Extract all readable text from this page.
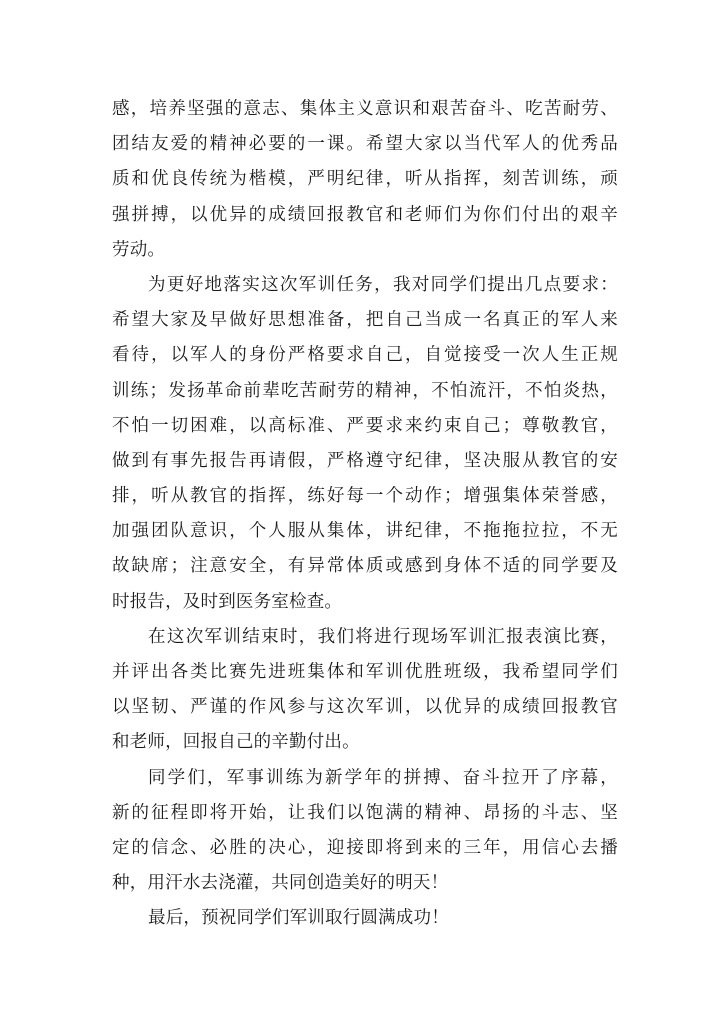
感，培养坚强的意志、集体主义意识和艰苦奋斗、吃苦耐劳、
团结友爱的精神必要的一课。希望大家以当代军人的优秀品
质和优良传统为楷模，严明纪律，听从指挥，刻苦训练，顽
强拼搏，以优异的成绩回报教官和老师们为你们付出的艰辛
劳动。
为更好地落实这次军训任务，我对同学们提出几点要求：
希望大家及早做好思想准备，把自己当成一名真正的军人来
看待，以军人的身份严格要求自己，自觉接受一次人生正规
训练；发扬革命前辈吃苦耐劳的精神，不怕流汗，不怕炎热，
不怕一切困难，以高标准、严要求来约束自己；尊敬教官，
做到有事先报告再请假，严格遵守纪律，坚决服从教官的安
排，听从教官的指挥，练好每一个动作；增强集体荣誉感，
加强团队意识，个人服从集体，讲纪律，不拖拖拉拉，不无
故缺席；注意安全，有异常体质或感到身体不适的同学要及
时报告，及时到医务室检查。
在这次军训结束时，我们将进行现场军训汇报表演比赛，
并评出各类比赛先进班集体和军训优胜班级，我希望同学们
以坚韧、严谨的作风参与这次军训，以优异的成绩回报教官
和老师，回报自己的辛勤付出。
同学们，军事训练为新学年的拼搏、奋斗拉开了序幕，
新的征程即将开始，让我们以饱满的精神、昂扬的斗志、坚
定的信念、必胜的决心，迎接即将到来的三年，用信心去播
种，用汗水去浇灌，共同创造美好的明天！
最后，预祝同学们军训取行圆满成功！
